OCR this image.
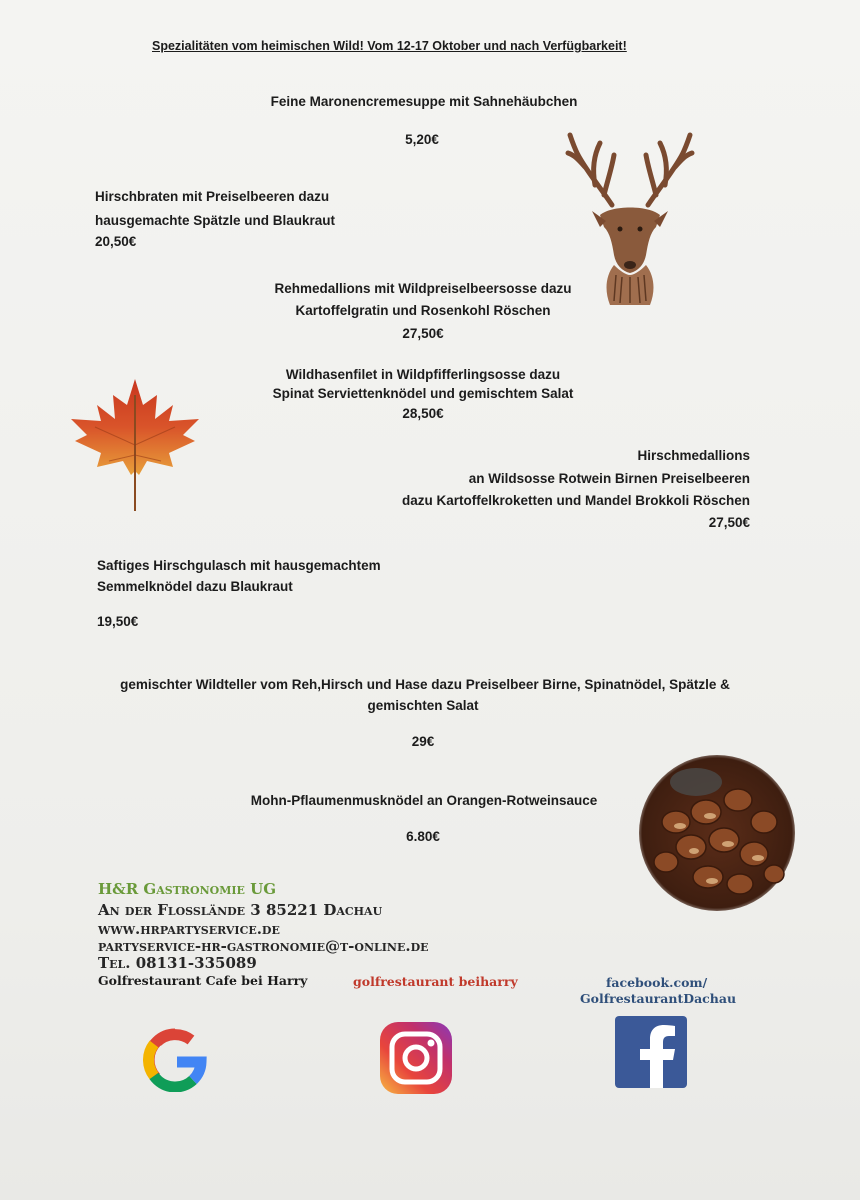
Spezialitäten vom heimischen Wild! Vom 12-17 Oktober und nach Verfügbarkeit!
Feine Maronencremesuppe mit Sahnehäubchen
5,20€
Hirschbraten mit Preiselbeeren dazu
hausgemachte Spätzle und Blaukraut
20,50€
Rehmedallions mit Wildpreiselbeersosse dazu
Kartoffelgratin und Rosenkohl Röschen
27,50€
Wildhasenfilet in Wildpfifferlingsosse dazu
Spinat Serviettenknödel und gemischtem Salat
28,50€
Hirschmedallions
an Wildsosse Rotwein Birnen Preiselbeeren
dazu Kartoffelkroketten und Mandel Brokkoli Röschen
27,50€
Saftiges Hirschgulasch mit hausgemachtem
Semmelknödel dazu Blaukraut
19,50€
gemischter Wildteller vom Reh,Hirsch und Hase dazu Preiselbeer Birne, Spinatnödel, Spätzle &
gemischten Salat
29€
Mohn-Pflaumenmusknödel an Orangen-Rotweinsauce
6.80€
H&R Gastronomie UG
An der Flosslände 3 85221 Dachau
www.hrpartyservice.de
partyservice-hr-gastronomie@t-online.de
Tel. 08131-335089
Golfrestaurant Cafe bei Harry	golfrestaurant beiharry	facebook.com/
GolfrestaurantDachau
